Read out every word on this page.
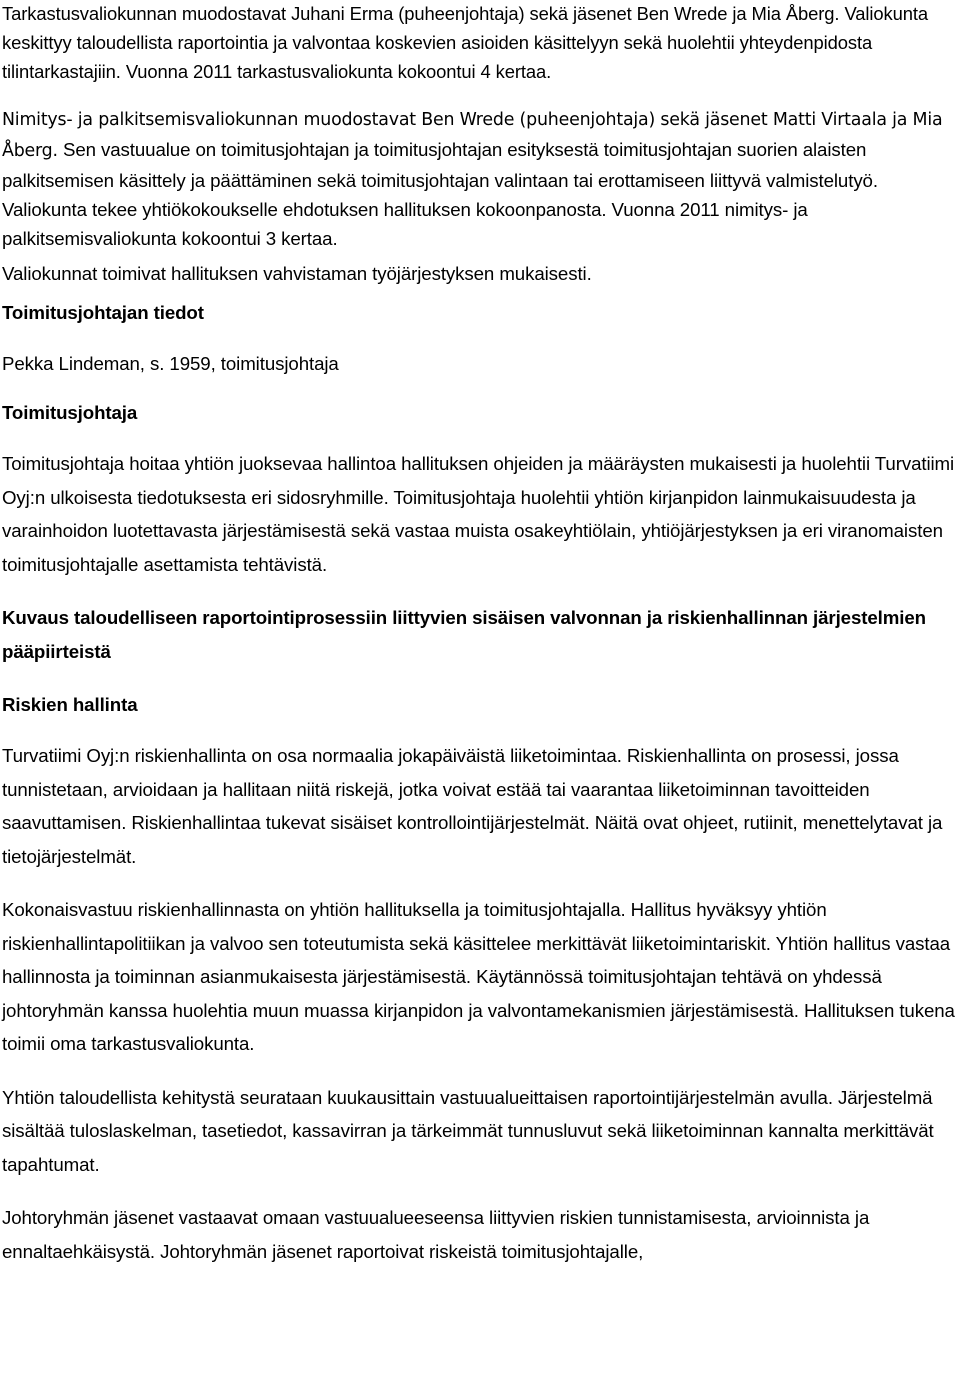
Tarkastusvaliokunnan muodostavat Juhani Erma (puheenjohtaja) sekä jäsenet Ben Wrede ja Mia Åberg. Valiokunta keskittyy taloudellista raportointia ja valvontaa koskevien asioiden käsittelyyn sekä huolehtii yhteydenpidosta tilintarkastajiin. Vuonna 2011 tarkastusvaliokunta kokoontui 4 kertaa.

Nimitys- ja palkitsemisvaliokunnan muodostavat Ben Wrede (puheenjohtaja) sekä jäsenet Matti Virtaala ja Mia Åberg. Sen vastuualue on toimitusjohtajan ja toimitusjohtajan esityksestä toimitusjohtajan suorien alaisten palkitsemisen käsittely ja päättäminen sekä toimitusjohtajan valintaan tai erottamiseen liittyvä valmistelutyö. Valiokunta tekee yhtiökokoukselle ehdotuksen hallituksen kokoonpanosta. Vuonna 2011 nimitys- ja palkitsemisvaliokunta kokoontui 3 kertaa.

Valiokunnat toimivat hallituksen vahvistaman työjärjestyksen mukaisesti.

Toimitusjohtajan tiedot

Pekka Lindeman, s. 1959, toimitusjohtaja

Toimitusjohtaja

Toimitusjohtaja hoitaa yhtiön juoksevaa hallintoa hallituksen ohjeiden ja määräysten mukaisesti ja huolehtii Turvatiimi Oyj:n ulkoisesta tiedotuksesta eri sidosryhmille. Toimitusjohtaja huolehtii yhtiön kirjanpidon lainmukaisuudesta ja varainhoidon luotettavasta järjestämisestä sekä vastaa muista osakeyhtiölain, yhtiöjärjestyksen ja eri viranomaisten toimitusjohtajalle asettamista tehtävistä.

Kuvaus taloudelliseen raportointiprosessiin liittyvien sisäisen valvonnan ja riskienhallinnan järjestelmien pääpiirteistä

Riskien hallinta

Turvatiimi Oyj:n riskienhallinta on osa normaalia jokapäiväistä liiketoimintaa. Riskienhallinta on prosessi, jossa tunnistetaan, arvioidaan ja hallitaan niitä riskejä, jotka voivat estää tai vaarantaa liiketoiminnan tavoitteiden saavuttamisen. Riskienhallintaa tukevat sisäiset kontrollointijärjestelmät. Näitä ovat ohjeet, rutiinit, menettelytavat ja tietojärjestelmät.

Kokonaisvastuu riskienhallinnasta on yhtiön hallituksella ja toimitusjohtajalla. Hallitus hyväksyy yhtiön riskienhallintapolitiikan ja valvoo sen toteutumista sekä käsittelee merkittävät liiketoimintariskit. Yhtiön hallitus vastaa hallinnosta ja toiminnan asianmukaisesta järjestämisestä. Käytännössä toimitusjohtajan tehtävä on yhdessä johtoryhmän kanssa huolehtia muun muassa kirjanpidon ja valvontamekanismien järjestämisestä. Hallituksen tukena toimii oma tarkastusvaliokunta.

Yhtiön taloudellista kehitystä seurataan kuukausittain vastuualueittaisen raportointijärjestelmän avulla. Järjestelmä sisältää tuloslaskelman, tasetiedot, kassavirran ja tärkeimmät tunnusluvut sekä liiketoiminnan kannalta merkittävät tapahtumat.

Johtoryhmän jäsenet vastaavat omaan vastuualueeseensa liittyvien riskien tunnistamisesta, arvioinnista ja ennaltaehkäisystä. Johtoryhmän jäsenet raportoivat riskeistä toimitusjohtajalle,
